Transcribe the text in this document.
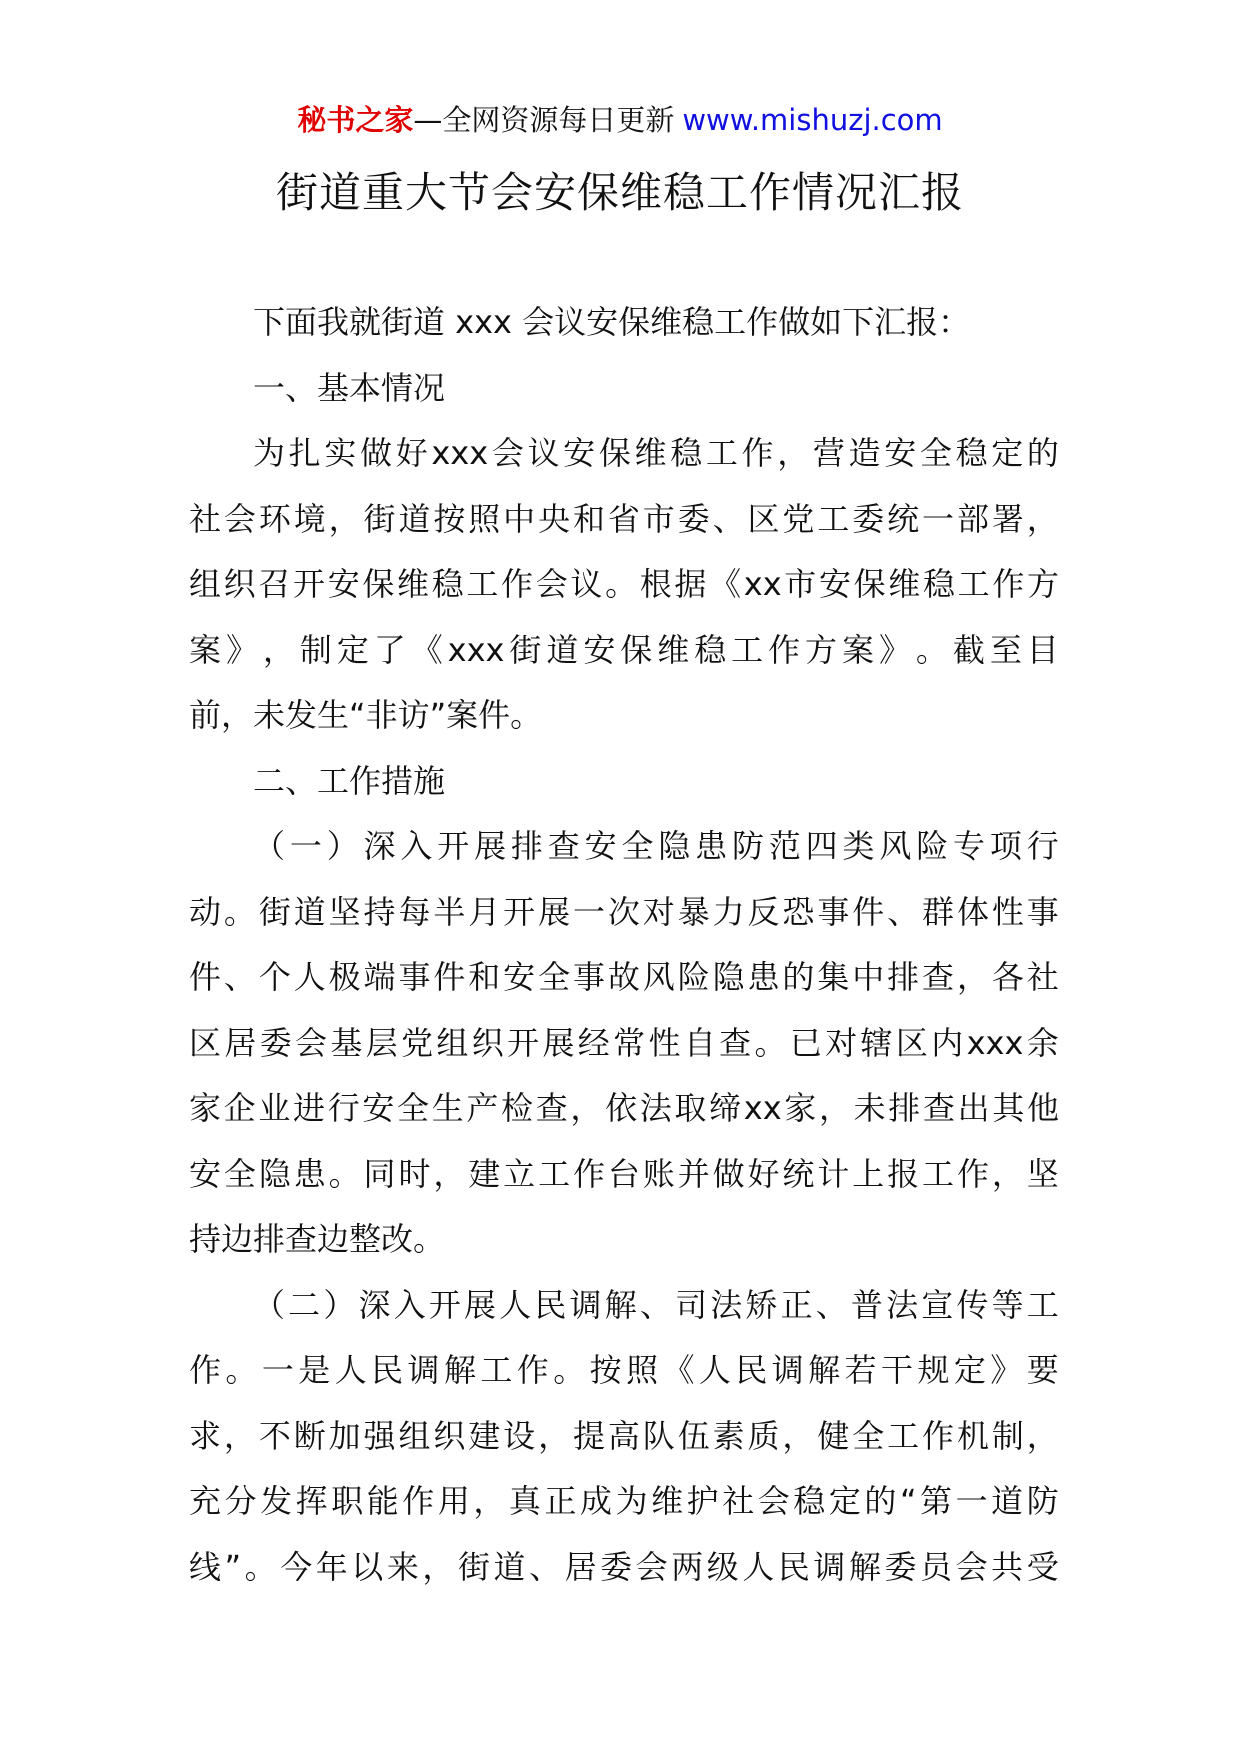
秘书之家—全网资源每日更新 www.mishuzj.com
街道重大节会安保维稳工作情况汇报
下面我就街道 xxx 会议安保维稳工作做如下汇报：
一、基本情况
为 扎 实 做 好 xxx 会 议 安 保 维 稳 工 作 ， 营 造 安 全 稳 定 的
社 会 环 境 ， 街 道 按 照 中 央 和 省 市 委 、 区 党 工 委 统 一 部 署 ，
组 织 召 开 安 保 维 稳 工 作 会 议 。 根 据 《 xx 市 安 保 维 稳 工 作 方
案 》 ， 制 定 了 《 xxx 街 道 安 保 维 稳 工 作 方 案 》 。 截 至 目
前，未发生“非访”案件。
二、工作措施
（ 一 ） 深 入 开 展 排 查 安 全 隐 患 防 范 四 类 风 险 专 项 行
动 。 街 道 坚 持 每 半 月 开 展 一 次 对 暴 力 反 恐 事 件 、 群 体 性 事
件 、 个 人 极 端 事 件 和 安 全 事 故 风 险 隐 患 的 集 中 排 查 ， 各 社
区 居 委 会 基 层 党 组 织 开 展 经 常 性 自 查 。 已 对 辖 区 内 xxx 余
家 企 业 进 行 安 全 生 产 检 查 ， 依 法 取 缔 xx 家 ， 未 排 查 出 其 他
安 全 隐 患 。 同 时 ， 建 立 工 作 台 账 并 做 好 统 计 上 报 工 作 ， 坚
持边排查边整改。
（ 二 ） 深 入 开 展 人 民 调 解 、 司 法 矫 正 、 普 法 宣 传 等 工
作 。 一 是 人 民 调 解 工 作 。 按 照 《 人 民 调 解 若 干 规 定 》 要
求 ， 不 断 加 强 组 织 建 设 ， 提 高 队 伍 素 质 ， 健 全 工 作 机 制 ，
充 分 发 挥 职 能 作 用 ， 真 正 成 为 维 护 社 会 稳 定 的 “ 第 一 道 防
线 ” 。 今 年 以 来 ， 街 道 、 居 委 会 两 级 人 民 调 解 委 员 会 共 受
